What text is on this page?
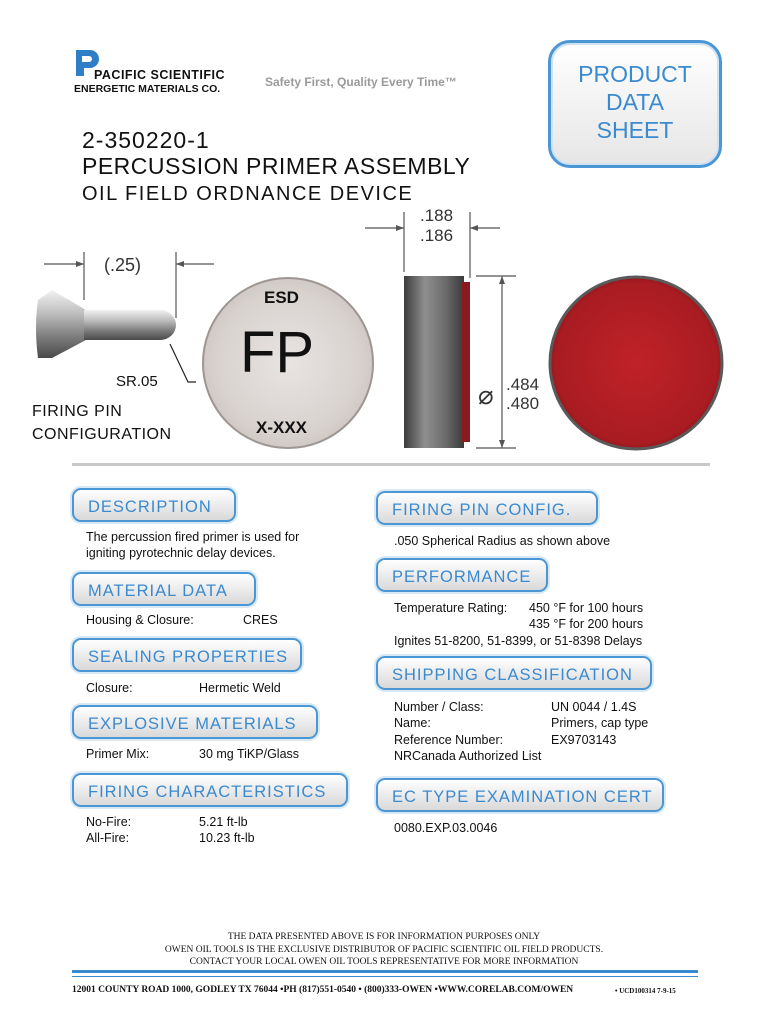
PACIFIC SCIENTIFIC
ENERGETIC MATERIALS CO.	Safety First, Quality Every Time™	PRODUCT
DATA
SHEET
2-350220-1
PERCUSSION PRIMER ASSEMBLY
OIL FIELD ORDNANCE DEVICE
(.25)
SR.05
FIRING PIN
CONFIGURATION
ESD
FP
X-XXX
.188
.186
⌀ .484
.480
DESCRIPTION
The percussion fired primer is used for
igniting pyrotechnic delay devices.
MATERIAL DATA
Housing & Closure:	CRES
SEALING PROPERTIES
Closure:	Hermetic Weld
EXPLOSIVE MATERIALS
Primer Mix:	30 mg TiKP/Glass
FIRING CHARACTERISTICS
No-Fire:	5.21 ft-lb
All-Fire:	10.23 ft-lb
FIRING PIN CONFIG.
.050 Spherical Radius as shown above
PERFORMANCE
Temperature Rating: 450 °F for 100 hours
435 °F for 200 hours
Ignites 51-8200, 51-8399, or 51-8398 Delays
SHIPPING CLASSIFICATION
Number / Class:	UN 0044 / 1.4S
Name:	Primers, cap type
Reference Number:	EX9703143
NRCanada Authorized List
EC TYPE EXAMINATION CERT
0080.EXP.03.0046
THE DATA PRESENTED ABOVE IS FOR INFORMATION PURPOSES ONLY
OWEN OIL TOOLS IS THE EXCLUSIVE DISTRIBUTOR OF PACIFIC SCIENTIFIC OIL FIELD PRODUCTS.
CONTACT YOUR LOCAL OWEN OIL TOOLS REPRESENTATIVE FOR MORE INFORMATION
12001 COUNTY ROAD 1000, GODLEY TX 76044 •PH (817)551-0540 • (800)333-OWEN •WWW.CORELAB.COM/OWEN	• UCD100314 7-9-15
